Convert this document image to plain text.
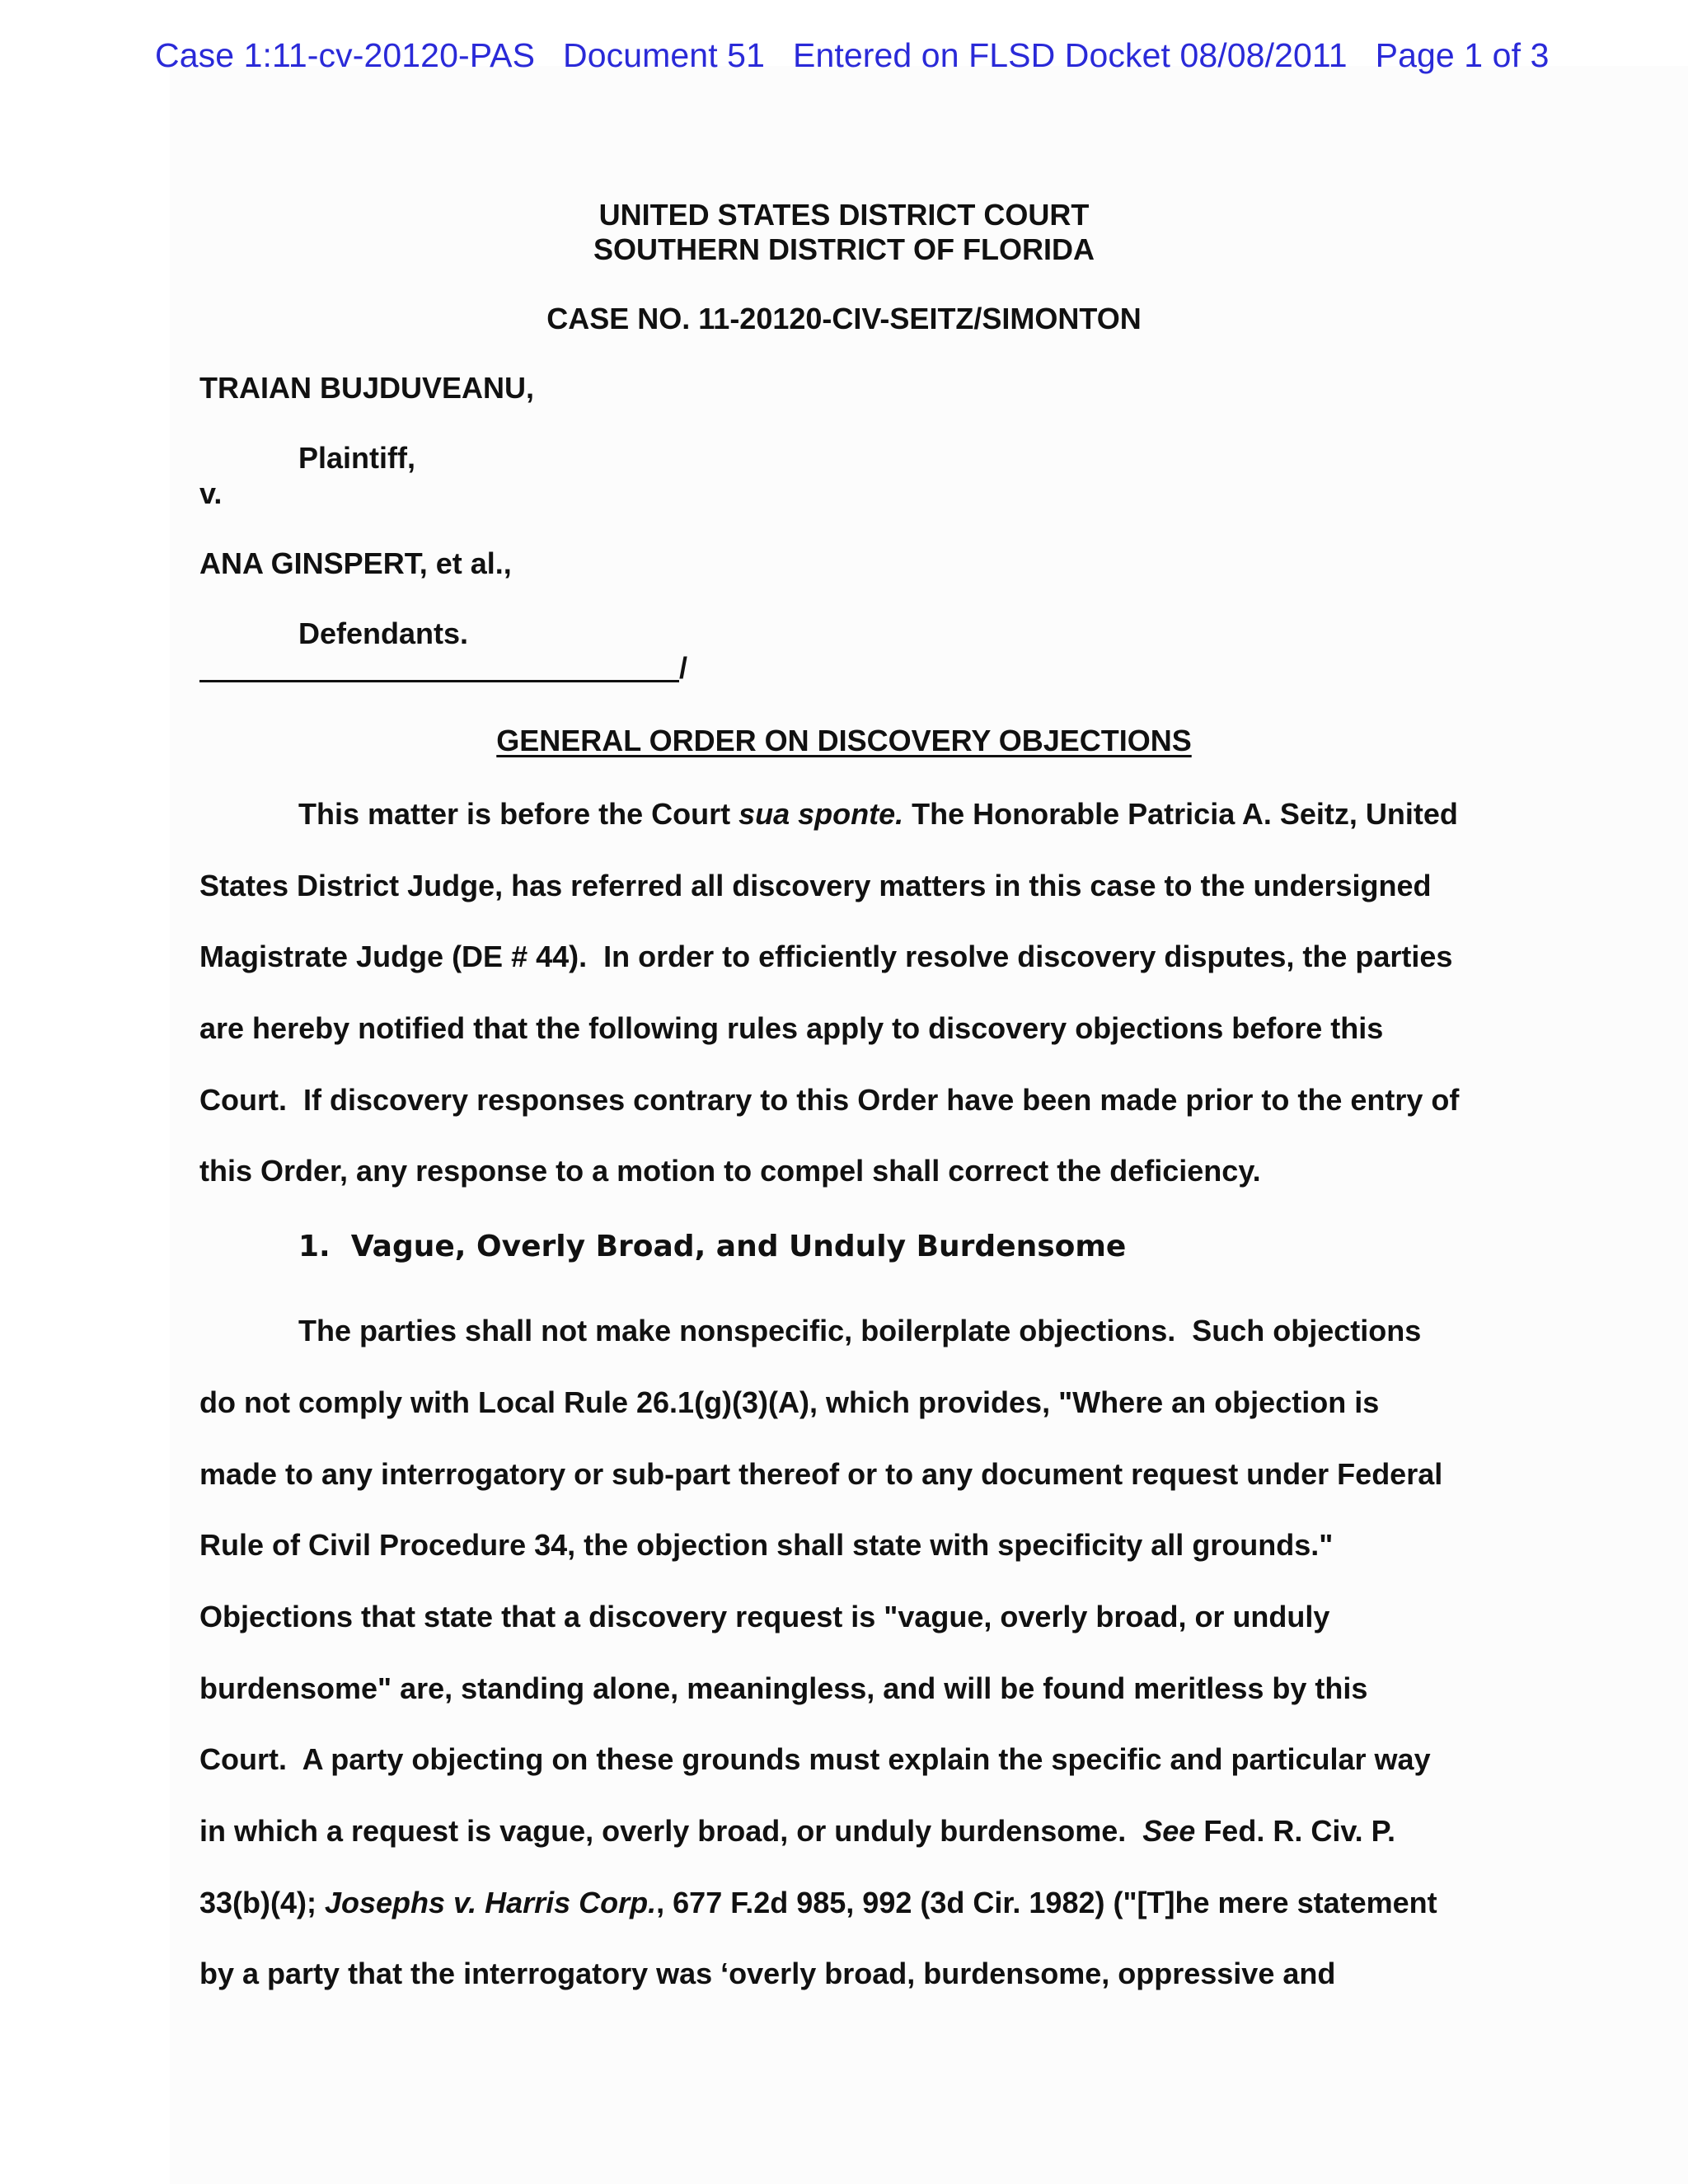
Case 1:11-cv-20120-PAS Document 51 Entered on FLSD Docket 08/08/2011 Page 1 of 3
UNITED STATES DISTRICT COURT
SOUTHERN DISTRICT OF FLORIDA
CASE NO. 11-20120-CIV-SEITZ/SIMONTON
TRAIAN BUJDUVEANU,
Plaintiff,
v.
ANA GINSPERT, et al.,
Defendants.
/
GENERAL ORDER ON DISCOVERY OBJECTIONS
This matter is before the Court sua sponte. The Honorable Patricia A. Seitz, United
States District Judge, has referred all discovery matters in this case to the undersigned
Magistrate Judge (DE # 44).  In order to efficiently resolve discovery disputes, the parties
are hereby notified that the following rules apply to discovery objections before this
Court.  If discovery responses contrary to this Order have been made prior to the entry of
this Order, any response to a motion to compel shall correct the deficiency.
1.  Vague, Overly Broad, and Unduly Burdensome
The parties shall not make nonspecific, boilerplate objections.  Such objections
do not comply with Local Rule 26.1(g)(3)(A), which provides, "Where an objection is
made to any interrogatory or sub-part thereof or to any document request under Federal
Rule of Civil Procedure 34, the objection shall state with specificity all grounds."
Objections that state that a discovery request is "vague, overly broad, or unduly
burdensome" are, standing alone, meaningless, and will be found meritless by this
Court.  A party objecting on these grounds must explain the specific and particular way
in which a request is vague, overly broad, or unduly burdensome.  See Fed. R. Civ. P.
33(b)(4); Josephs v. Harris Corp., 677 F.2d 985, 992 (3d Cir. 1982) ("[T]he mere statement
by a party that the interrogatory was ‘overly broad, burdensome, oppressive and
